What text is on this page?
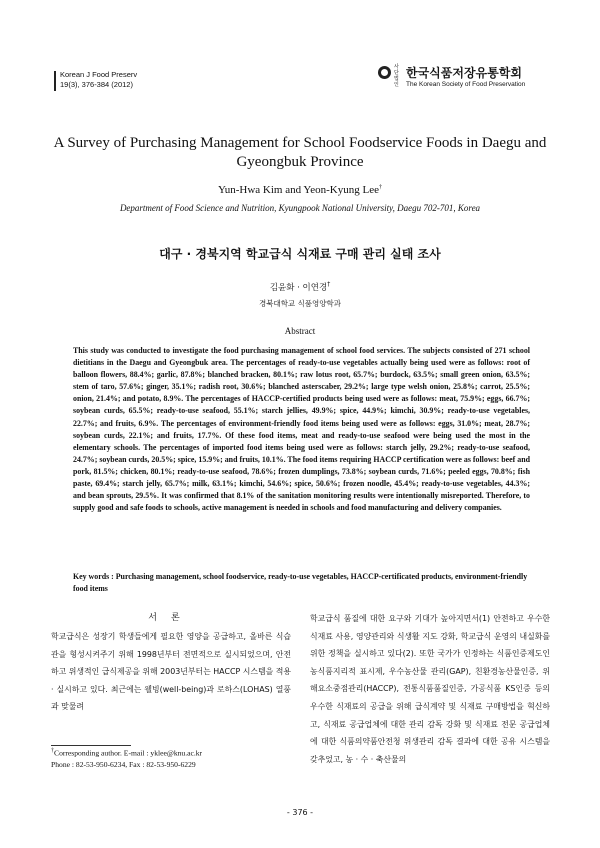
Korean J Food Preserv
19(3), 376-384 (2012)
사단 법인
한국식품저장유통학회
The Korean Society of Food Preservation
A Survey of Purchasing Management for School Foodservice Foods in Daegu and Gyeongbuk Province
Yun-Hwa Kim and Yeon-Kyung Lee†
Department of Food Science and Nutrition, Kyungpook National University, Daegu 702-701, Korea
대구 · 경북지역 학교급식 식재료 구매 관리 실태 조사
김윤화 · 이연경†
경북대학교 식품영양학과
Abstract

This study was conducted to investigate the food purchasing management of school food services. The subjects consisted of 271 school dietitians in the Daegu and Gyeongbuk area. The percentages of ready-to-use vegetables actually being used were as follows: root of balloon flowers, 88.4%; garlic, 87.8%; blanched bracken, 80.1%; raw lotus root, 65.7%; burdock, 63.5%; small green onion, 63.5%; stem of taro, 57.6%; ginger, 35.1%; radish root, 30.6%; blanched asterscaber, 29.2%; large type welsh onion, 25.8%; carrot, 25.5%; onion, 21.4%; and potato, 8.9%. The percentages of HACCP-certified products being used were as follows: meat, 75.9%; eggs, 66.7%; soybean curds, 65.5%; ready-to-use seafood, 55.1%; starch jellies, 49.9%; spice, 44.9%; kimchi, 30.9%; ready-to-use vegetables, 22.7%; and fruits, 6.9%. The percentages of environment-friendly food items being used were as follows: eggs, 31.0%; meat, 28.7%; soybean curds, 22.1%; and fruits, 17.7%. Of these food items, meat and ready-to-use seafood were being used the most in the elementary schools. The percentages of imported food items being used were as follows: starch jelly, 29.2%; ready-to-use seafood, 24.7%; soybean curds, 20.5%; spice, 15.9%; and fruits, 10.1%. The food items requiring HACCP certification were as follows: beef and pork, 81.5%; chicken, 80.1%; ready-to-use seafood, 78.6%; frozen dumplings, 73.8%; soybean curds, 71.6%; peeled eggs, 70.8%; fish paste, 69.4%; starch jelly, 65.7%; milk, 63.1%; kimchi, 54.6%; spice, 50.6%; frozen noodle, 45.4%; ready-to-use vegetables, 44.3%; and bean sprouts, 29.5%. It was confirmed that 8.1% of the sanitation monitoring results were intentionally misreported. Therefore, to supply good and safe foods to schools, active management is needed in schools and food manufacturing and delivery companies.

Key words : Purchasing management, school foodservice, ready-to-use vegetables, HACCP-certificated products, environment-friendly food items
서론

학교급식은 성장기 학생들에게 필요한 영양을 공급하고, 올바른 식습관을 형성시켜주기 위해 1998년부터 전면적으로 실시되었으며, 안전하고 위생적인 급식제공을 위해 2003년부터는 HACCP 시스템을 적용 · 실시하고 있다. 최근에는 웰빙(well-being)과 로하스(LOHAS) 열풍과 맞물려

학교급식 품질에 대한 요구와 기대가 높아지면서(1) 안전하고 우수한 식재료 사용, 영양관리와 식생활 지도 강화, 학교급식 운영의 내실화를 위한 정책을 실시하고 있다(2). 또한 국가가 인정하는 식품인증제도인 농식품지리적 표시제, 우수농산물 관리(GAP), 친환경농산물인증, 위해요소중점관리(HACCP), 전통식품품질인증, 가공식품 KS인증 등의 우수한 식재료의 공급을 위해 급식계약 및 식재료 구매방법을 혁신하고, 식재료 공급업체에 대한 관리 감독 강화 및 식재료 전문 공급업체에 대한 식품의약품안전청 위생관리 감독 결과에 대한 공유 시스템을 갖추었고, 농 · 수 · 축산물의

†Corresponding author. E-mail : yklee@knu.ac.kr
Phone : 82-53-950-6234, Fax : 82-53-950-6229
- 376 -
